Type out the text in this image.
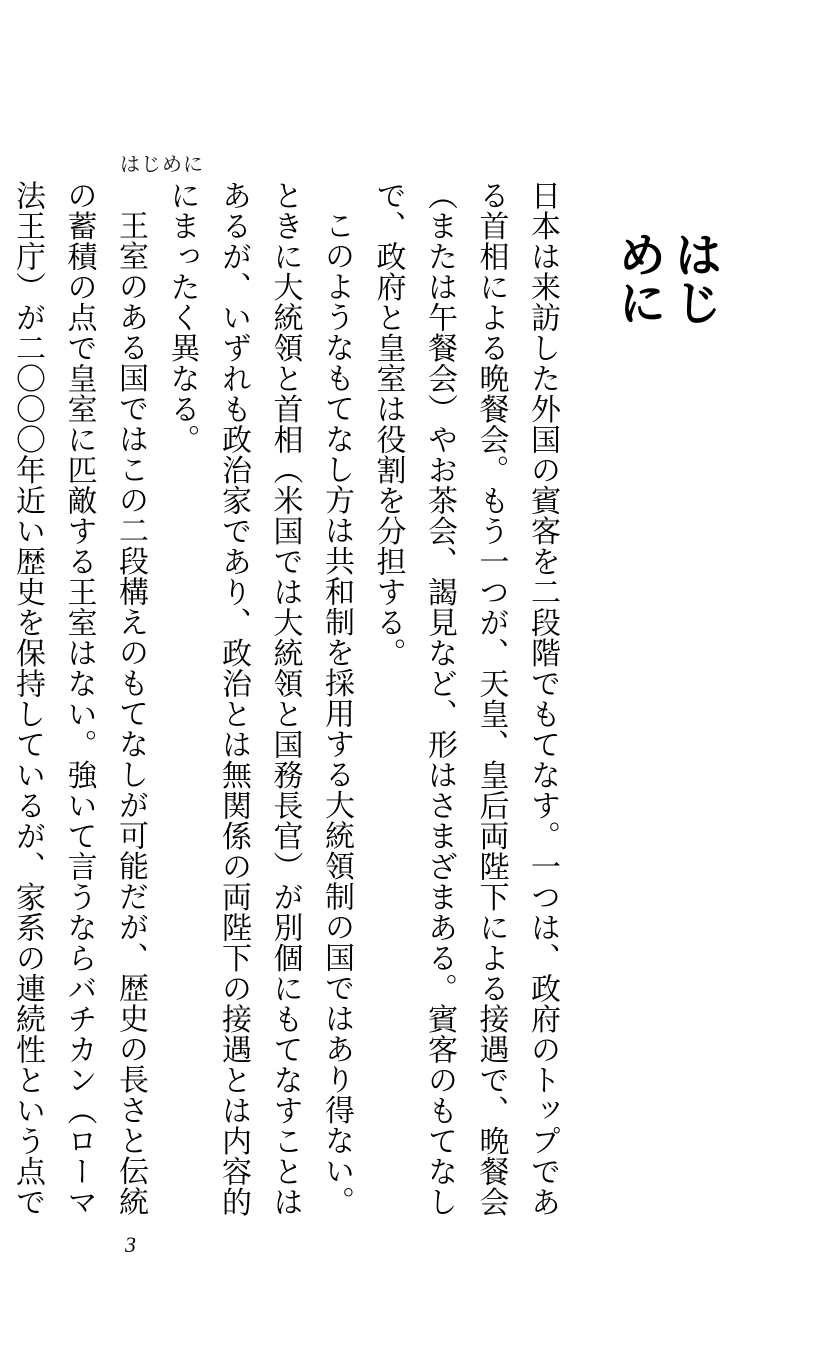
はじめに
はじめに

日本は来訪した外国の賓客を二段階でもてなす。一つは、政府のトップである首相による晩餐会。もう一つが、天皇、皇后両陛下による接遇で、晩餐会（または午餐会）やお茶会、謁見など、形はさまざまある。賓客のもてなしで、政府と皇室は役割を分担する。

このようなもてなし方は共和制を採用する大統領制の国ではあり得ない。ときに大統領と首相（米国では大統領と国務長官）が別個にもてなすことはあるが、いずれも政治家であり、政治とは無関係の両陛下の接遇とは内容的にまったく異なる。

王室のある国ではこの二段構えのもてなしが可能だが、歴史の長さと伝統の蓄積の点で皇室に匹敵する王室はない。強いて言うならバチカン（ローマ法王庁）が二〇〇〇年近い歴史を保持しているが、家系の連続性という点で

3
